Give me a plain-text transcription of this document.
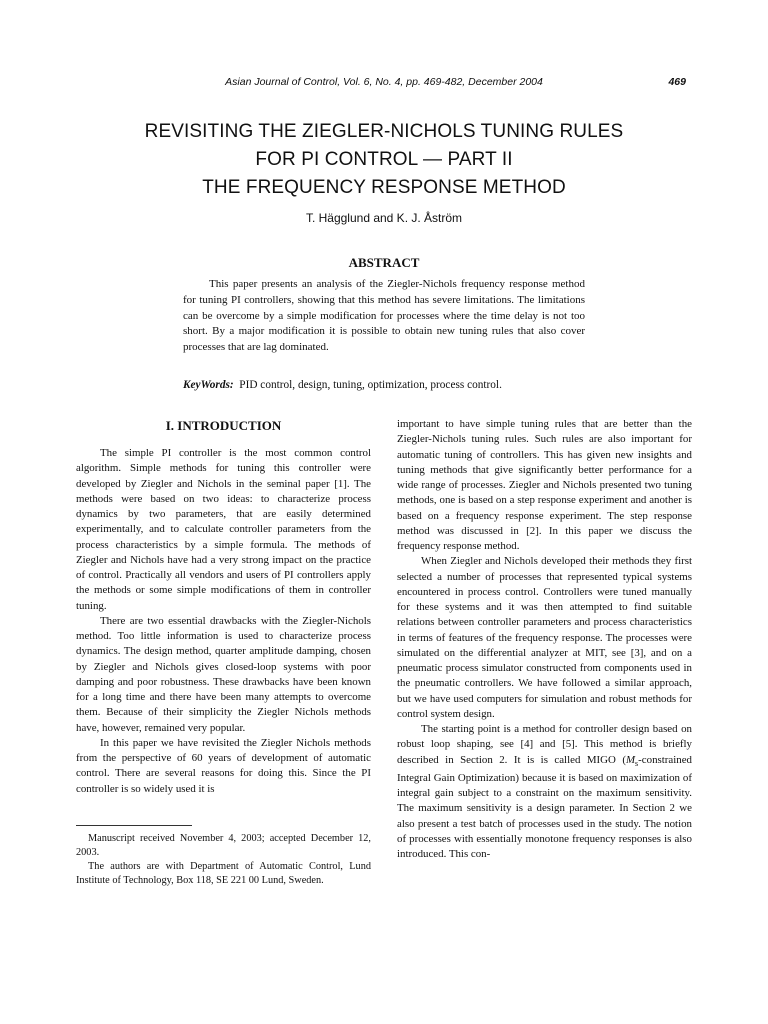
Asian Journal of Control, Vol. 6, No. 4, pp. 469-482, December 2004	469
REVISITING THE ZIEGLER-NICHOLS TUNING RULES
FOR PI CONTROL — PART II
THE FREQUENCY RESPONSE METHOD
T. Hägglund and K. J. Åström
ABSTRACT

This paper presents an analysis of the Ziegler-Nichols frequency response method for tuning PI controllers, showing that this method has severe limitations. The limitations can be overcome by a simple modification for processes where the time delay is not too short. By a major modification it is possible to obtain new tuning rules that also cover processes that are lag dominated.

KeyWords: PID control, design, tuning, optimization, process control.
I. INTRODUCTION

The simple PI controller is the most common control algorithm. Simple methods for tuning this controller were developed by Ziegler and Nichols in the seminal paper [1]. The methods were based on two ideas: to characterize process dynamics by two parameters, that are easily determined experimentally, and to calculate controller parameters from the process characteristics by a simple formula. The methods of Ziegler and Nichols have had a very strong impact on the practice of control. Practically all vendors and users of PI controllers apply the methods or some simple modifications of them in controller tuning.

There are two essential drawbacks with the Ziegler-Nichols method. Too little information is used to characterize process dynamics. The design method, quarter amplitude damping, chosen by Ziegler and Nichols gives closed-loop systems with poor damping and poor robustness. These drawbacks have been known for a long time and there have been many attempts to overcome them. Because of their simplicity the Ziegler Nichols methods have, however, remained very popular.

In this paper we have revisited the Ziegler Nichols methods from the perspective of 60 years of development of automatic control. There are several reasons for doing this. Since the PI controller is so widely used it is

Manuscript received November 4, 2003; accepted December 12, 2003.

The authors are with Department of Automatic Control, Lund Institute of Technology, Box 118, SE 221 00 Lund, Sweden.

important to have simple tuning rules that are better than the Ziegler-Nichols tuning rules. Such rules are also important for automatic tuning of controllers. This has given new insights and tuning methods that give significantly better performance for a wide range of processes. Ziegler and Nichols presented two tuning methods, one is based on a step response experiment and another is based on a frequency response experiment. The step response method was discussed in [2]. In this paper we discuss the frequency response method.

When Ziegler and Nichols developed their methods they first selected a number of processes that represented typical systems encountered in process control. Controllers were tuned manually for these systems and it was then attempted to find suitable relations between controller parameters and process characteristics in terms of features of the frequency response. The processes were simulated on the differential analyzer at MIT, see [3], and on a pneumatic process simulator constructed from components used in the pneumatic controllers. We have followed a similar approach, but we have used computers for simulation and robust methods for control system design.

The starting point is a method for controller design based on robust loop shaping, see [4] and [5]. This method is briefly described in Section 2. It is is called MIGO ($M_s$-constrained Integral Gain Optimization) because it is based on maximization of integral gain subject to a constraint on the maximum sensitivity. The maximum sensitivity is a design parameter. In Section 2 we also present a test batch of processes used in the study. The notion of processes with essentially monotone frequency responses is also introduced. This con-
